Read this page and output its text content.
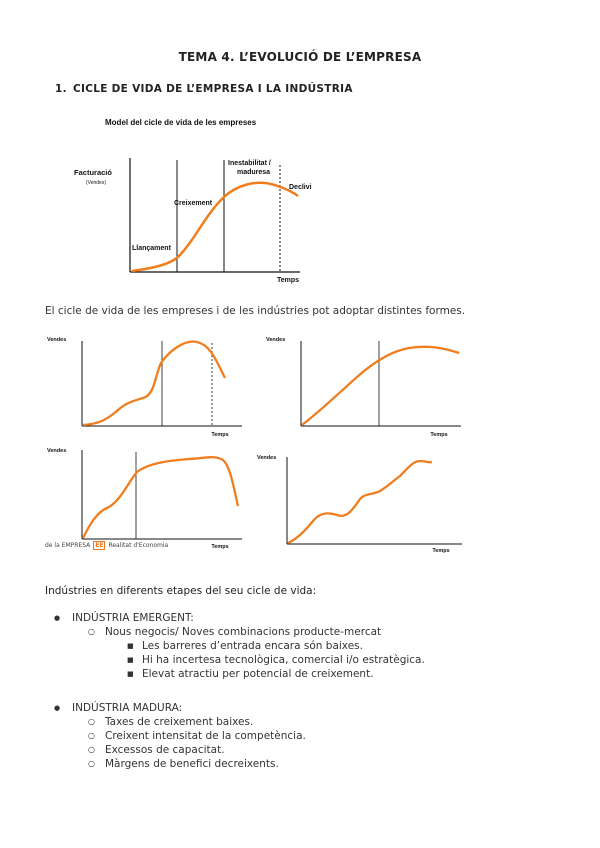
TEMA 4. L’EVOLUCIÓ DE L’EMPRESA
1. CICLE DE VIDA DE L’EMPRESA I LA INDÚSTRIA
Model del cicle de vida de les empreses
Facturació
(Vendes)
Temps
Llançament
Creixement
Inestabilitat /
maduresa
Declivi
El cicle de vida de les empreses i de les indústries pot adoptar distintes formes.
Vendes
Temps
Vendes
Temps
Vendes
Temps
Vendes
Temps
de la EMPRESA ÉE Realitat d'Economia
Indústries en diferents etapes del seu cicle de vida:
● INDÚSTRIA EMERGENT:
○ Nous negocis/ Noves combinacions producte-mercat
■ Les barreres d’entrada encara són baixes.
■ Hi ha incertesa tecnològica, comercial i/o estratègica.
■ Elevat atractiu per potencial de creixement.
● INDÚSTRIA MADURA:
○ Taxes de creixement baixes.
○ Creixent intensitat de la competència.
○ Excessos de capacitat.
○ Màrgens de benefici decreixents.
